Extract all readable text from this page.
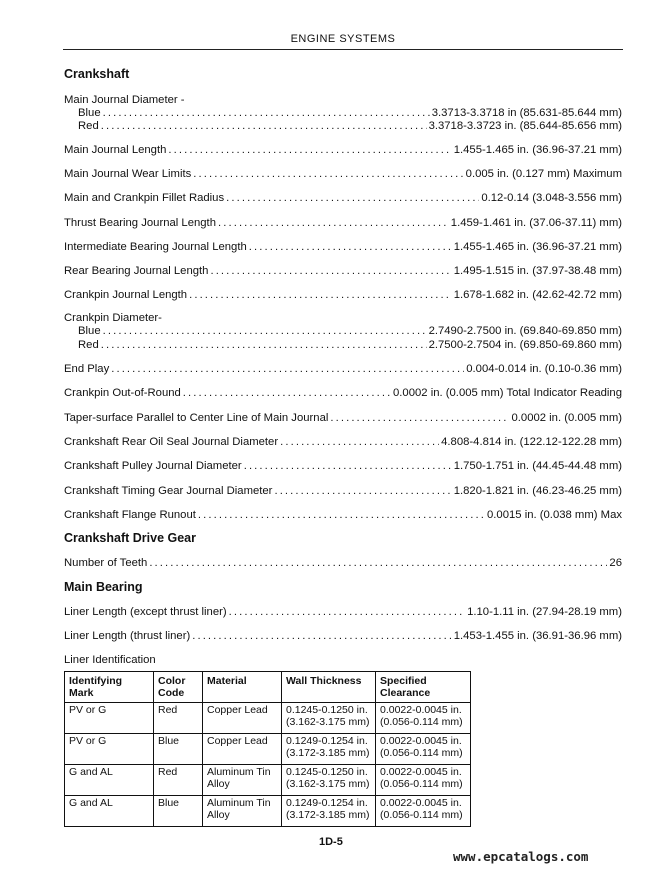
ENGINE SYSTEMS
Crankshaft
Main Journal Diameter -
Blue .....	3.3713-3.3718 in (85.631-85.644 mm)
Red .....	3.3718-3.3723 in. (85.644-85.656 mm)
Main Journal Length .....	1.455-1.465 in. (36.96-37.21 mm)
Main Journal Wear Limits .....	0.005 in. (0.127 mm) Maximum
Main and Crankpin Fillet Radius .....	0.12-0.14 (3.048-3.556 mm)
Thrust Bearing Journal Length .....	1.459-1.461 in. (37.06-37.11) mm)
Intermediate Bearing Journal Length .....	1.455-1.465 in. (36.96-37.21 mm)
Rear Bearing Journal Length .....	1.495-1.515 in. (37.97-38.48 mm)
Crankpin Journal Length .....	1.678-1.682 in. (42.62-42.72 mm)
Crankpin Diameter-
Blue .....	2.7490-2.7500 in. (69.840-69.850 mm)
Red .....	2.7500-2.7504 in. (69.850-69.860 mm)
End Play .....	0.004-0.014 in. (0.10-0.36 mm)
Crankpin Out-of-Round .....	0.0002 in. (0.005 mm) Total Indicator Reading
Taper-surface Parallel to Center Line of Main Journal .....	0.0002 in. (0.005 mm)
Crankshaft Rear Oil Seal Journal Diameter .....	4.808-4.814 in. (122.12-122.28 mm)
Crankshaft Pulley Journal Diameter .....	1.750-1.751 in. (44.45-44.48 mm)
Crankshaft Timing Gear Journal Diameter .....	1.820-1.821 in. (46.23-46.25 mm)
Crankshaft Flange Runout .....	0.0015 in. (0.038 mm) Max
Crankshaft Drive Gear
Number of Teeth .....	26
Main Bearing
Liner Length (except thrust liner) .....	1.10-1.11 in. (27.94-28.19 mm)
Liner Length (thrust liner) .....	1.453-1.455 in. (36.91-36.96 mm)
Liner Identification
Identifying Mark	Color Code	Material	Wall Thickness	Specified Clearance
PV or G	Red	Copper Lead	0.1245-0.1250 in. (3.162-3.175 mm)	0.0022-0.0045 in. (0.056-0.114 mm)
PV or G	Blue	Copper Lead	0.1249-0.1254 in. (3.172-3.185 mm)	0.0022-0.0045 in. (0.056-0.114 mm)
G and AL	Red	Aluminum Tin Alloy	0.1245-0.1250 in. (3.162-3.175 mm)	0.0022-0.0045 in. (0.056-0.114 mm)
G and AL	Blue	Aluminum Tin Alloy	0.1249-0.1254 in. (3.172-3.185 mm)	0.0022-0.0045 in. (0.056-0.114 mm)
1D-5
www.epcatalogs.com
